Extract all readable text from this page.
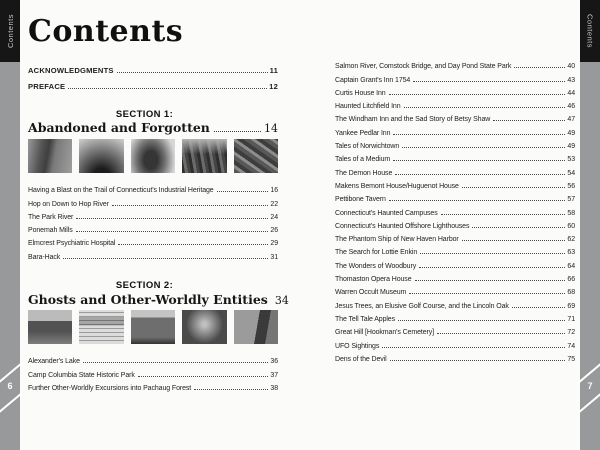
Contents
6
Contents
7
Contents
ACKNOWLEDGMENTS	11
PREFACE	12
SECTION 1:
Abandoned and Forgotten	14
Having a Blast on the Trail of Connecticut's Industrial Heritage	16
Hop on Down to Hop River	22
The Park River	24
Ponemah Mills	26
Elmcrest Psychiatric Hospital	29
Bara-Hack	31
SECTION 2:
Ghosts and Other-Worldly Entities 34
Alexander's Lake	36
Camp Columbia State Historic Park	37
Further Other-Worldly Excursions into Pachaug Forest	38
Salmon River, Comstock Bridge, and Day Pond State Park	40
Captain Grant's Inn 1754	43
Curtis House Inn	44
Haunted Litchfield Inn	46
The Windham Inn and the Sad Story of Betsy Shaw	47
Yankee Pedlar Inn	49
Tales of Norwichtown	49
Tales of a Medium	53
The Demon House	54
Makens Bemont House/Huguenot House	56
Pettibone Tavern	57
Connecticut's Haunted Campuses	58
Connecticut's Haunted Offshore Lighthouses	60
The Phantom Ship of New Haven Harbor	62
The Search for Lottie Enkin	63
The Wonders of Woodbury	64
Thomaston Opera House	66
Warren Occult Museum	68
Jesus Trees, an Elusive Golf Course, and the Lincoln Oak	69
The Tell Tale Apples	71
Great Hill [Hookman's Cemetery]	72
UFO Sightings	74
Dens of the Devil	75
